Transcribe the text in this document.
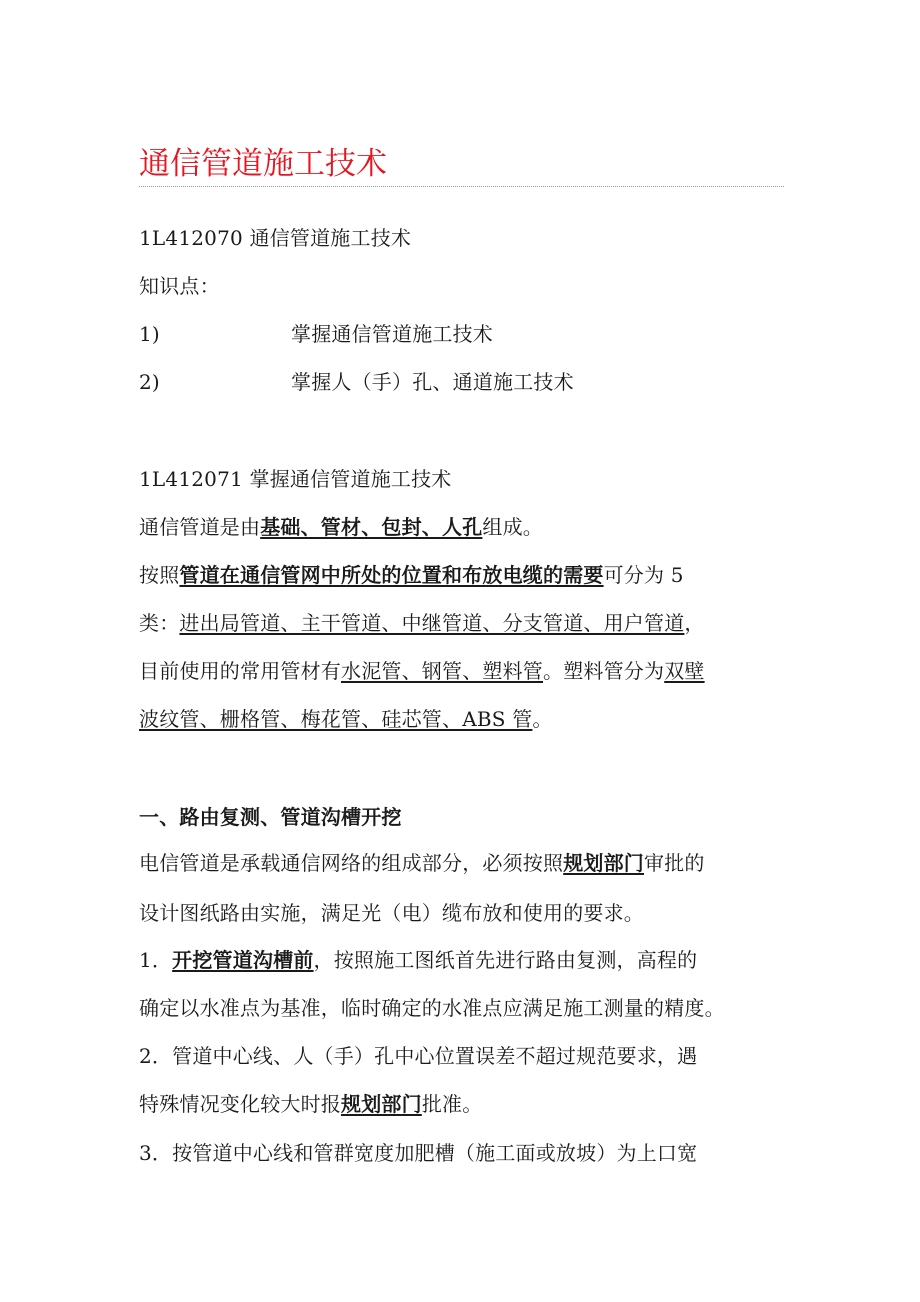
通信管道施工技术
1L412070 通信管道施工技术
知识点：
1)	掌握通信管道施工技术
2)	掌握人（手）孔、通道施工技术
1L412071 掌握通信管道施工技术
通信管道是由基础、管材、包封、人孔组成。
按照管道在通信管网中所处的位置和布放电缆的需要可分为 5
类：进出局管道、主干管道、中继管道、分支管道、用户管道，
目前使用的常用管材有水泥管、钢管、塑料管。塑料管分为双壁
波纹管、栅格管、梅花管、硅芯管、ABS 管。
一、路由复测、管道沟槽开挖
电信管道是承载通信网络的组成部分，必须按照规划部门审批的
设计图纸路由实施，满足光（电）缆布放和使用的要求。
1．开挖管道沟槽前，按照施工图纸首先进行路由复测，高程的
确定以水准点为基准，临时确定的水准点应满足施工测量的精度。
2．管道中心线、人（手）孔中心位置误差不超过规范要求，遇
特殊情况变化较大时报规划部门批准。
3．按管道中心线和管群宽度加肥槽（施工面或放坡）为上口宽
